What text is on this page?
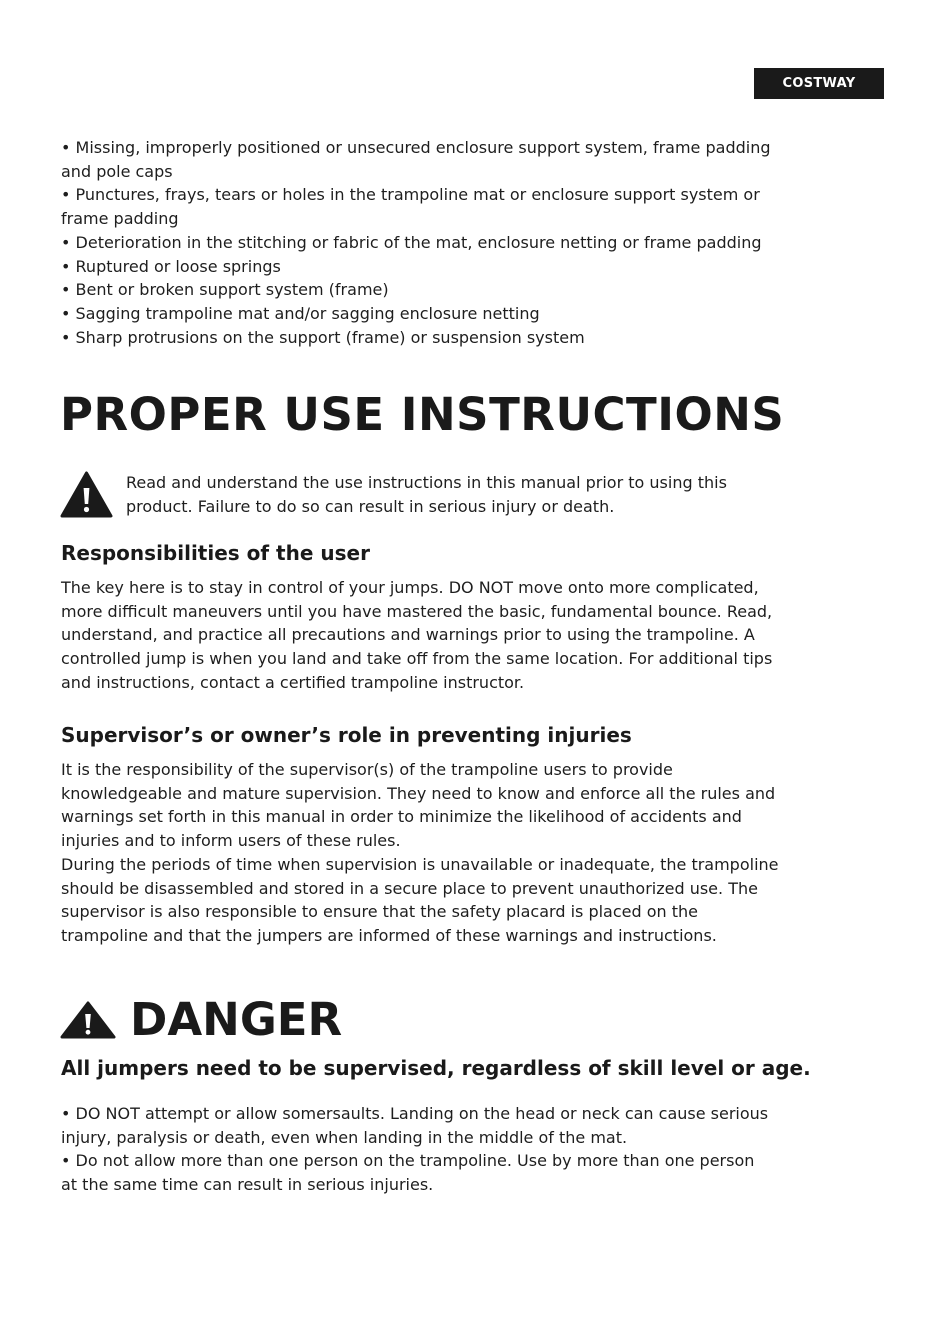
COSTWAY

• Missing, improperly positioned or unsecured enclosure support system, frame padding

and pole caps

• Punctures, frays, tears or holes in the trampoline mat or enclosure support system or

frame padding

• Deterioration in the stitching or fabric of the mat, enclosure netting or frame padding

• Ruptured or loose springs

• Bent or broken support system (frame)

• Sagging trampoline mat and/or sagging enclosure netting

• Sharp protrusions on the support (frame) or suspension system

PROPER USE INSTRUCTIONS

Read and understand the use instructions in this manual prior to using this

product. Failure to do so can result in serious injury or death.

Responsibilities of the user

The key here is to stay in control of your jumps. DO NOT move onto more complicated,

more difficult maneuvers until you have mastered the basic, fundamental bounce. Read,

understand, and practice all precautions and warnings prior to using the trampoline. A

controlled jump is when you land and take off from the same location. For additional tips

and instructions, contact a certified trampoline instructor.

Supervisor’s or owner’s role in preventing injuries

It is the responsibility of the supervisor(s) of the trampoline users to provide

knowledgeable and mature supervision. They need to know and enforce all the rules and

warnings set forth in this manual in order to minimize the likelihood of accidents and

injuries and to inform users of these rules.

During the periods of time when supervision is unavailable or inadequate, the trampoline

should be disassembled and stored in a secure place to prevent unauthorized use. The

supervisor is also responsible to ensure that the safety placard is placed on the

trampoline and that the jumpers are informed of these warnings and instructions.

DANGER
All jumpers need to be supervised, regardless of skill level or age.

• DO NOT attempt or allow somersaults. Landing on the head or neck can cause serious

injury, paralysis or death, even when landing in the middle of the mat.

• Do not allow more than one person on the trampoline. Use by more than one person

at the same time can result in serious injuries.
